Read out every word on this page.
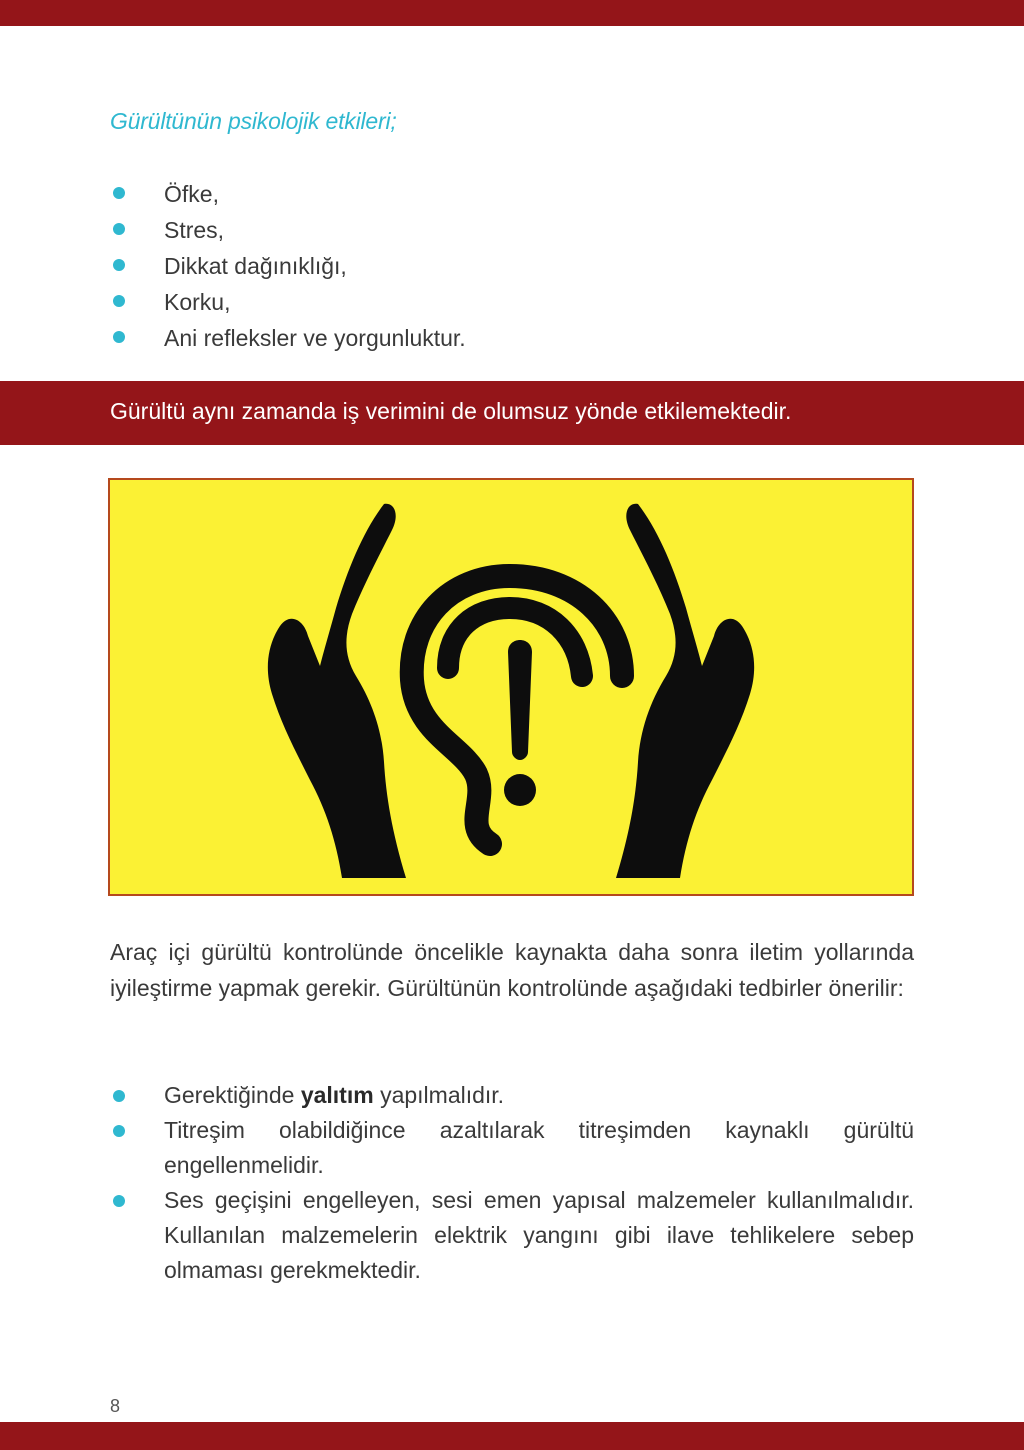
Gürültünün psikolojik etkileri;
Öfke,
Stres,
Dikkat dağınıklığı,
Korku,
Ani refleksler ve yorgunluktur.

Gürültü aynı zamanda iş verimini de olumsuz yönde etkilemektedir.

Araç içi gürültü kontrolünde öncelikle kaynakta daha sonra iletim yollarında iyileştirme yapmak gerekir. Gürültünün kontrolünde aşağıdaki tedbirler önerilir:

Gerektiğinde yalıtım yapılmalıdır.
Titreşim olabildiğince azaltılarak titreşimden kaynaklı gürültü engellenmelidir.
Ses geçişini engelleyen, sesi emen yapısal malzemeler kullanılmalıdır. Kullanılan malzemelerin elektrik yangını gibi ilave tehlikelere sebep olmaması gerekmektedir.

8
